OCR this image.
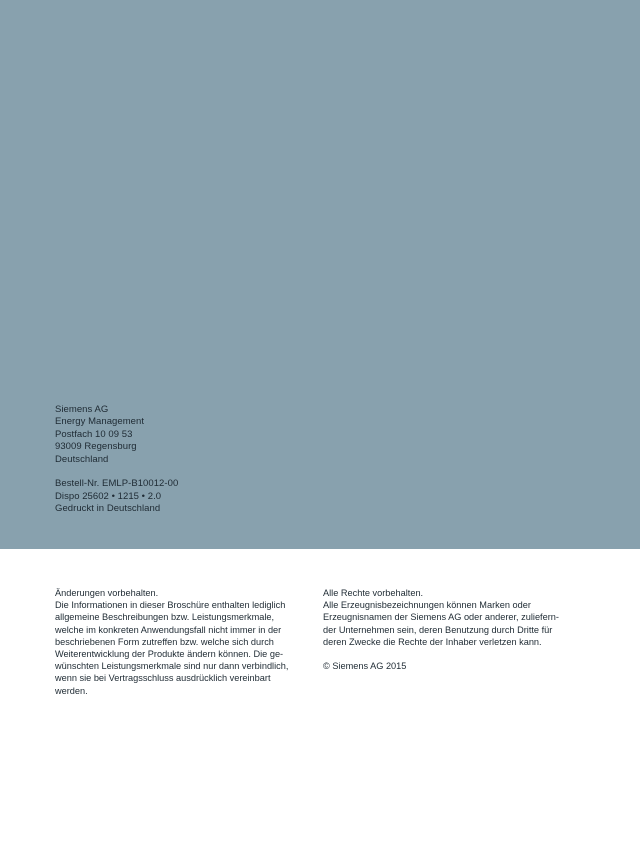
Siemens AG
Energy Management
Postfach 10 09 53
93009 Regensburg
Deutschland
Bestell-Nr. EMLP-B10012-00
Dispo 25602 • 1215 • 2.0
Gedruckt in Deutschland
Änderungen vorbehalten.
Die Informationen in dieser Broschüre enthalten lediglich
allgemeine Beschreibungen bzw. Leistungsmerkmale,
welche im konkreten Anwendungsfall nicht immer in der
beschriebenen Form zutreffen bzw. welche sich durch
Weiterentwicklung der Produkte ändern können. Die ge-
wünschten Leistungsmerkmale sind nur dann verbindlich,
wenn sie bei Vertragsschluss ausdrücklich vereinbart
werden.
Alle Rechte vorbehalten.
Alle Erzeugnisbezeichnungen können Marken oder
Erzeugnisnamen der Siemens AG oder anderer, zuliefern-
der Unternehmen sein, deren Benutzung durch Dritte für
deren Zwecke die Rechte der Inhaber verletzen kann.
© Siemens AG 2015
